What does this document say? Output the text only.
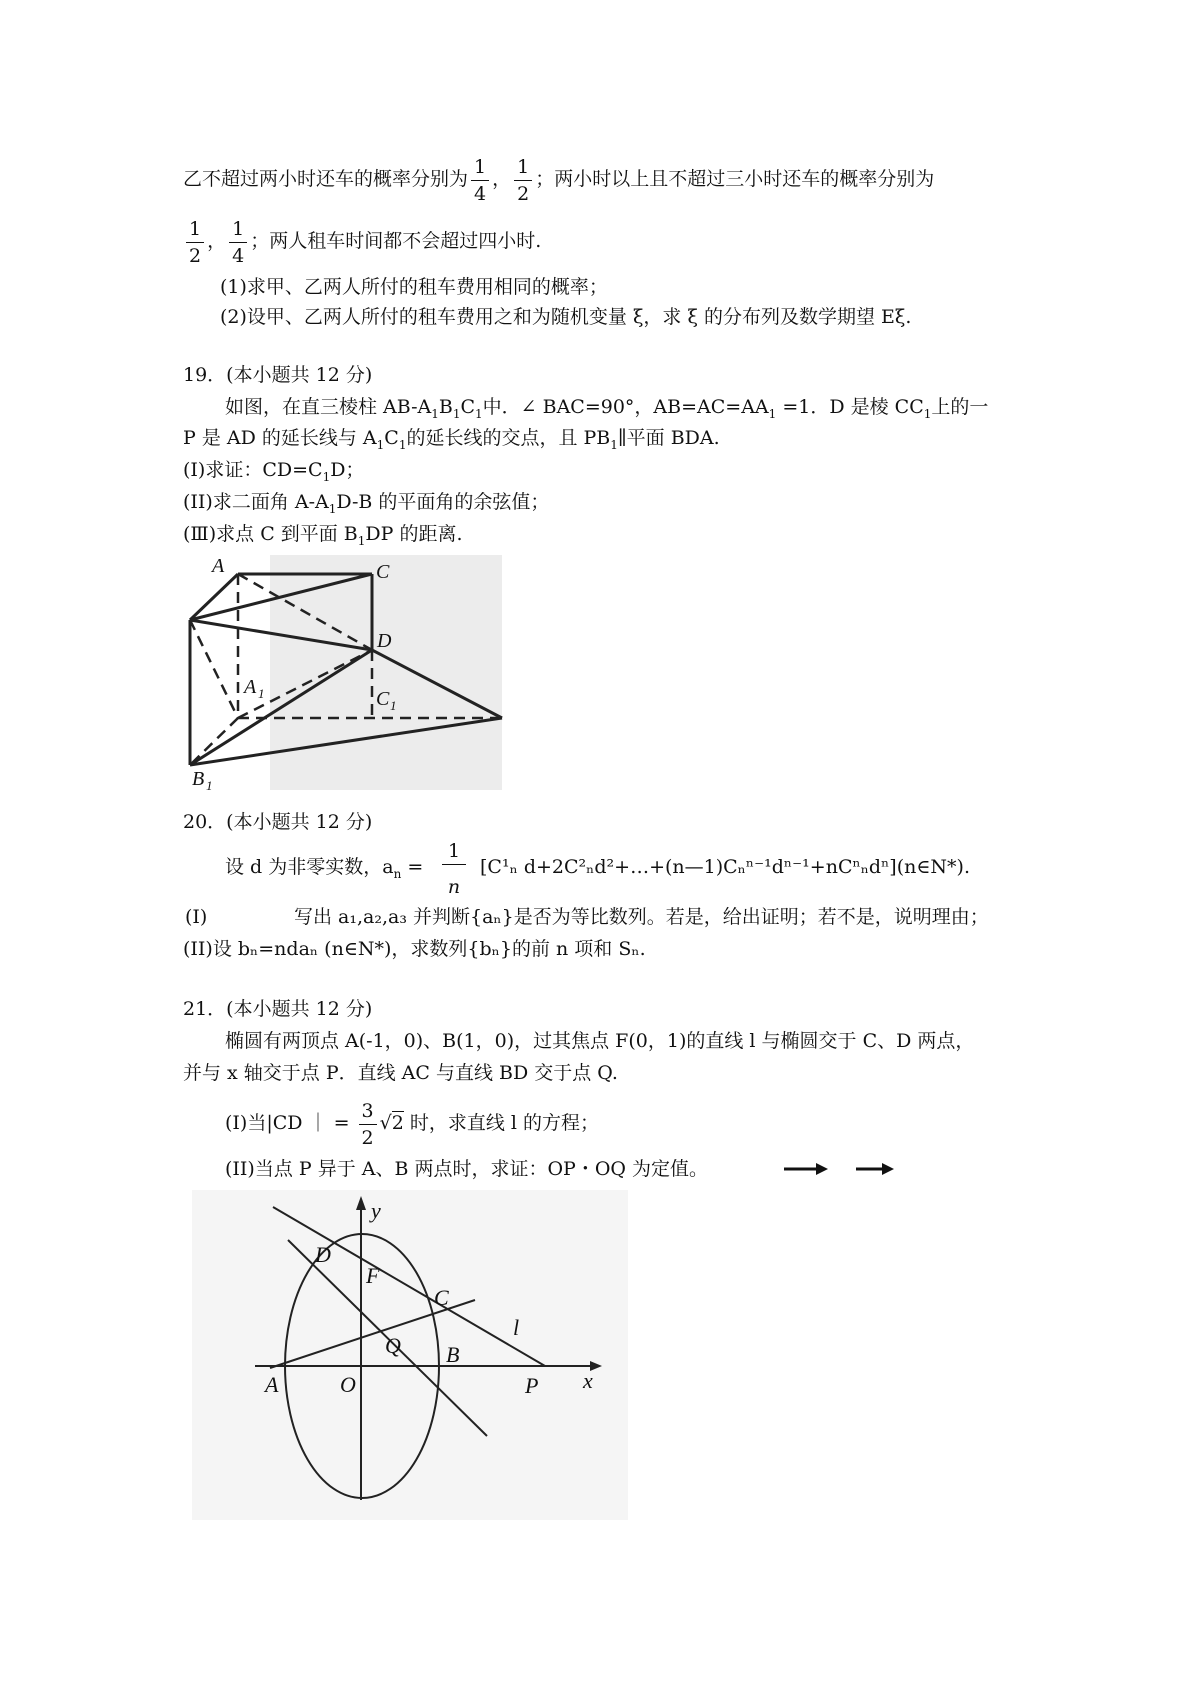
乙不超过两小时还车的概率分别为 $\frac{1}{4}$ ， $\frac{1}{2}$ ；两小时以上且不超过三小时还车的概率分别为
$\frac{1}{2}$ ， $\frac{1}{4}$ ；两人租车时间都不会超过四小时.
(1)求甲、乙两人所付的租车费用相同的概率；
(2)设甲、乙两人所付的租车费用之和为随机变量 ξ，求 ξ 的分布列及数学期望 Eξ.
19．(本小题共 12 分)
如图，在直三棱柱 $AB-A_1B_1C_1$中．∠ BAC=90°，$AB=AC=AA_1 =1$．D 是棱 $CC_1$上的一
P 是 AD 的延长线与 $A_1C_1$的延长线的交点，且 $PB_1\parallel$平面 BDA.
(I)求证：$CD=C_1D$；
(II)求二面角 $A-A_1D-B$ 的平面角的余弦值；
(Ⅲ)求点 C 到平面 $B_1DP$ 的距离.
A	C
D
A 1	C 1
B 1
20．(本小题共 12 分)
设 d 为非零实数，$a_n$ =
1
n
[C¹ₙ d+2C²ₙd²+…+(n—1)Cₙⁿ⁻¹dⁿ⁻¹+nCⁿₙdⁿ](n∈N*).
(I)	写出 a₁,a₂,a₃ 并判断{aₙ}是否为等比数列。若是，给出证明；若不是，说明理由；
(II)设 bₙ=ndaₙ (n∈N*)，求数列{bₙ}的前 n 项和 Sₙ.
21．(本小题共 12 分)
椭圆有两顶点 A(-1，0)、B(1，0)，过其焦点 F(0，1)的直线 l 与椭圆交于 C、D 两点，
并与 x 轴交于点 P．直线 AC 与直线 BD 交于点 Q.
(I)当|CD ｜ = $\frac{3}{2} √2$ 时，求直线 l 的方程；
(II)当点 P 异于 A、B 两点时，求证：OP・OQ 为定值。
y
x
D
F
C
l
Q B
A	O	P
